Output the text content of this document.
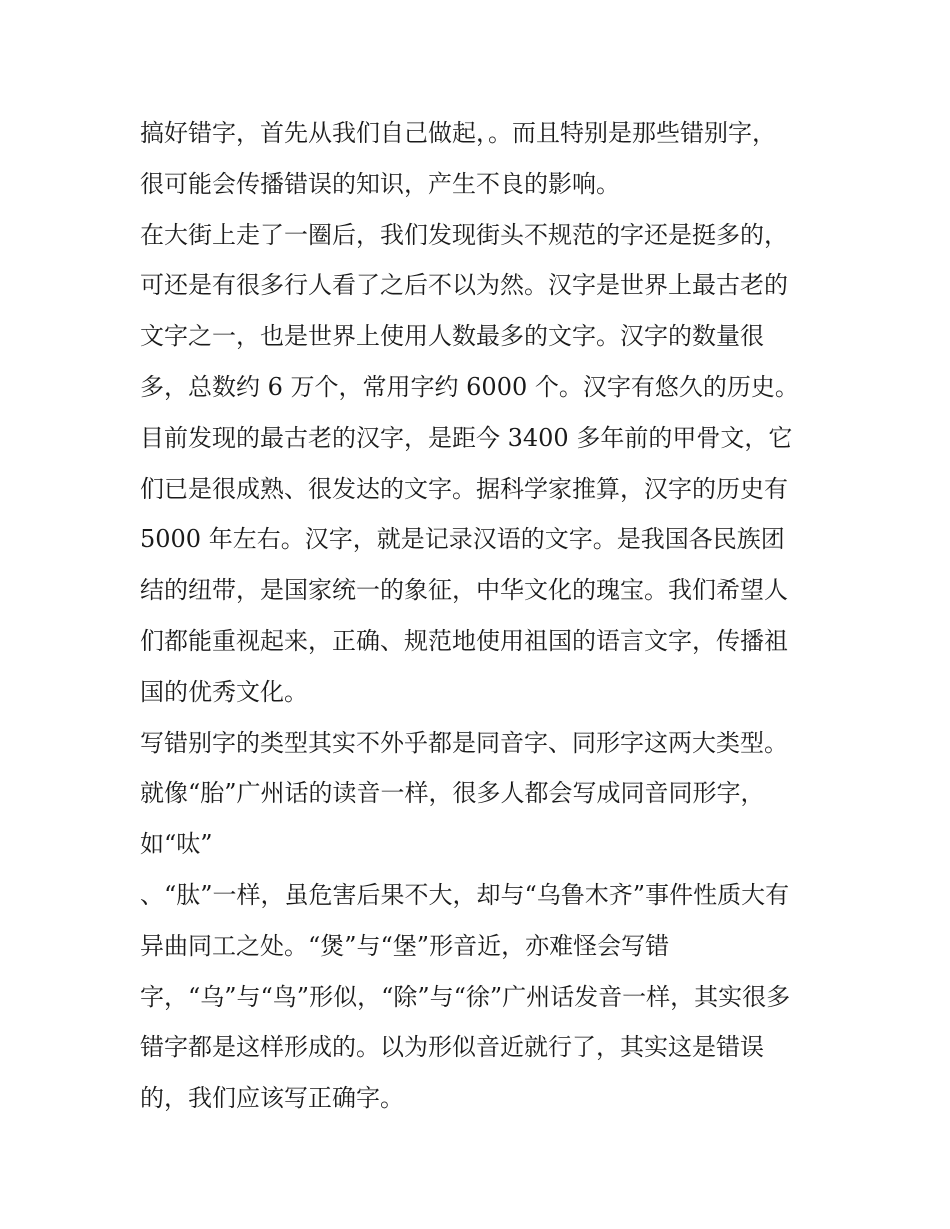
搞好错字，首先从我们自己做起，。而且特别是那些错别字，
很可能会传播错误的知识，产生不良的影响。
在大街上走了一圈后，我们发现街头不规范的字还是挺多的，
可还是有很多行人看了之后不以为然。汉字是世界上最古老的
文字之一，也是世界上使用人数最多的文字。汉字的数量很
多，总数约 6 万个，常用字约 6000 个。汉字有悠久的历史。
目前发现的最古老的汉字，是距今 3400 多年前的甲骨文，它
们已是很成熟、很发达的文字。据科学家推算，汉字的历史有
5000 年左右。汉字，就是记录汉语的文字。是我国各民族团
结的纽带，是国家统一的象征，中华文化的瑰宝。我们希望人
们都能重视起来，正确、规范地使用祖国的语言文字，传播祖
国的优秀文化。
写错别字的类型其实不外乎都是同音字、同形字这两大类型。
就像“胎”广州话的读音一样，很多人都会写成同音同形字，
如“呔”
、“肽”一样，虽危害后果不大，却与“乌鲁木齐”事件性质大有
异曲同工之处。“煲”与“堡”形音近，亦难怪会写错
字，“乌”与“鸟”形似，“除”与“徐”广州话发音一样，其实很多
错字都是这样形成的。以为形似音近就行了，其实这是错误
的，我们应该写正确字。
